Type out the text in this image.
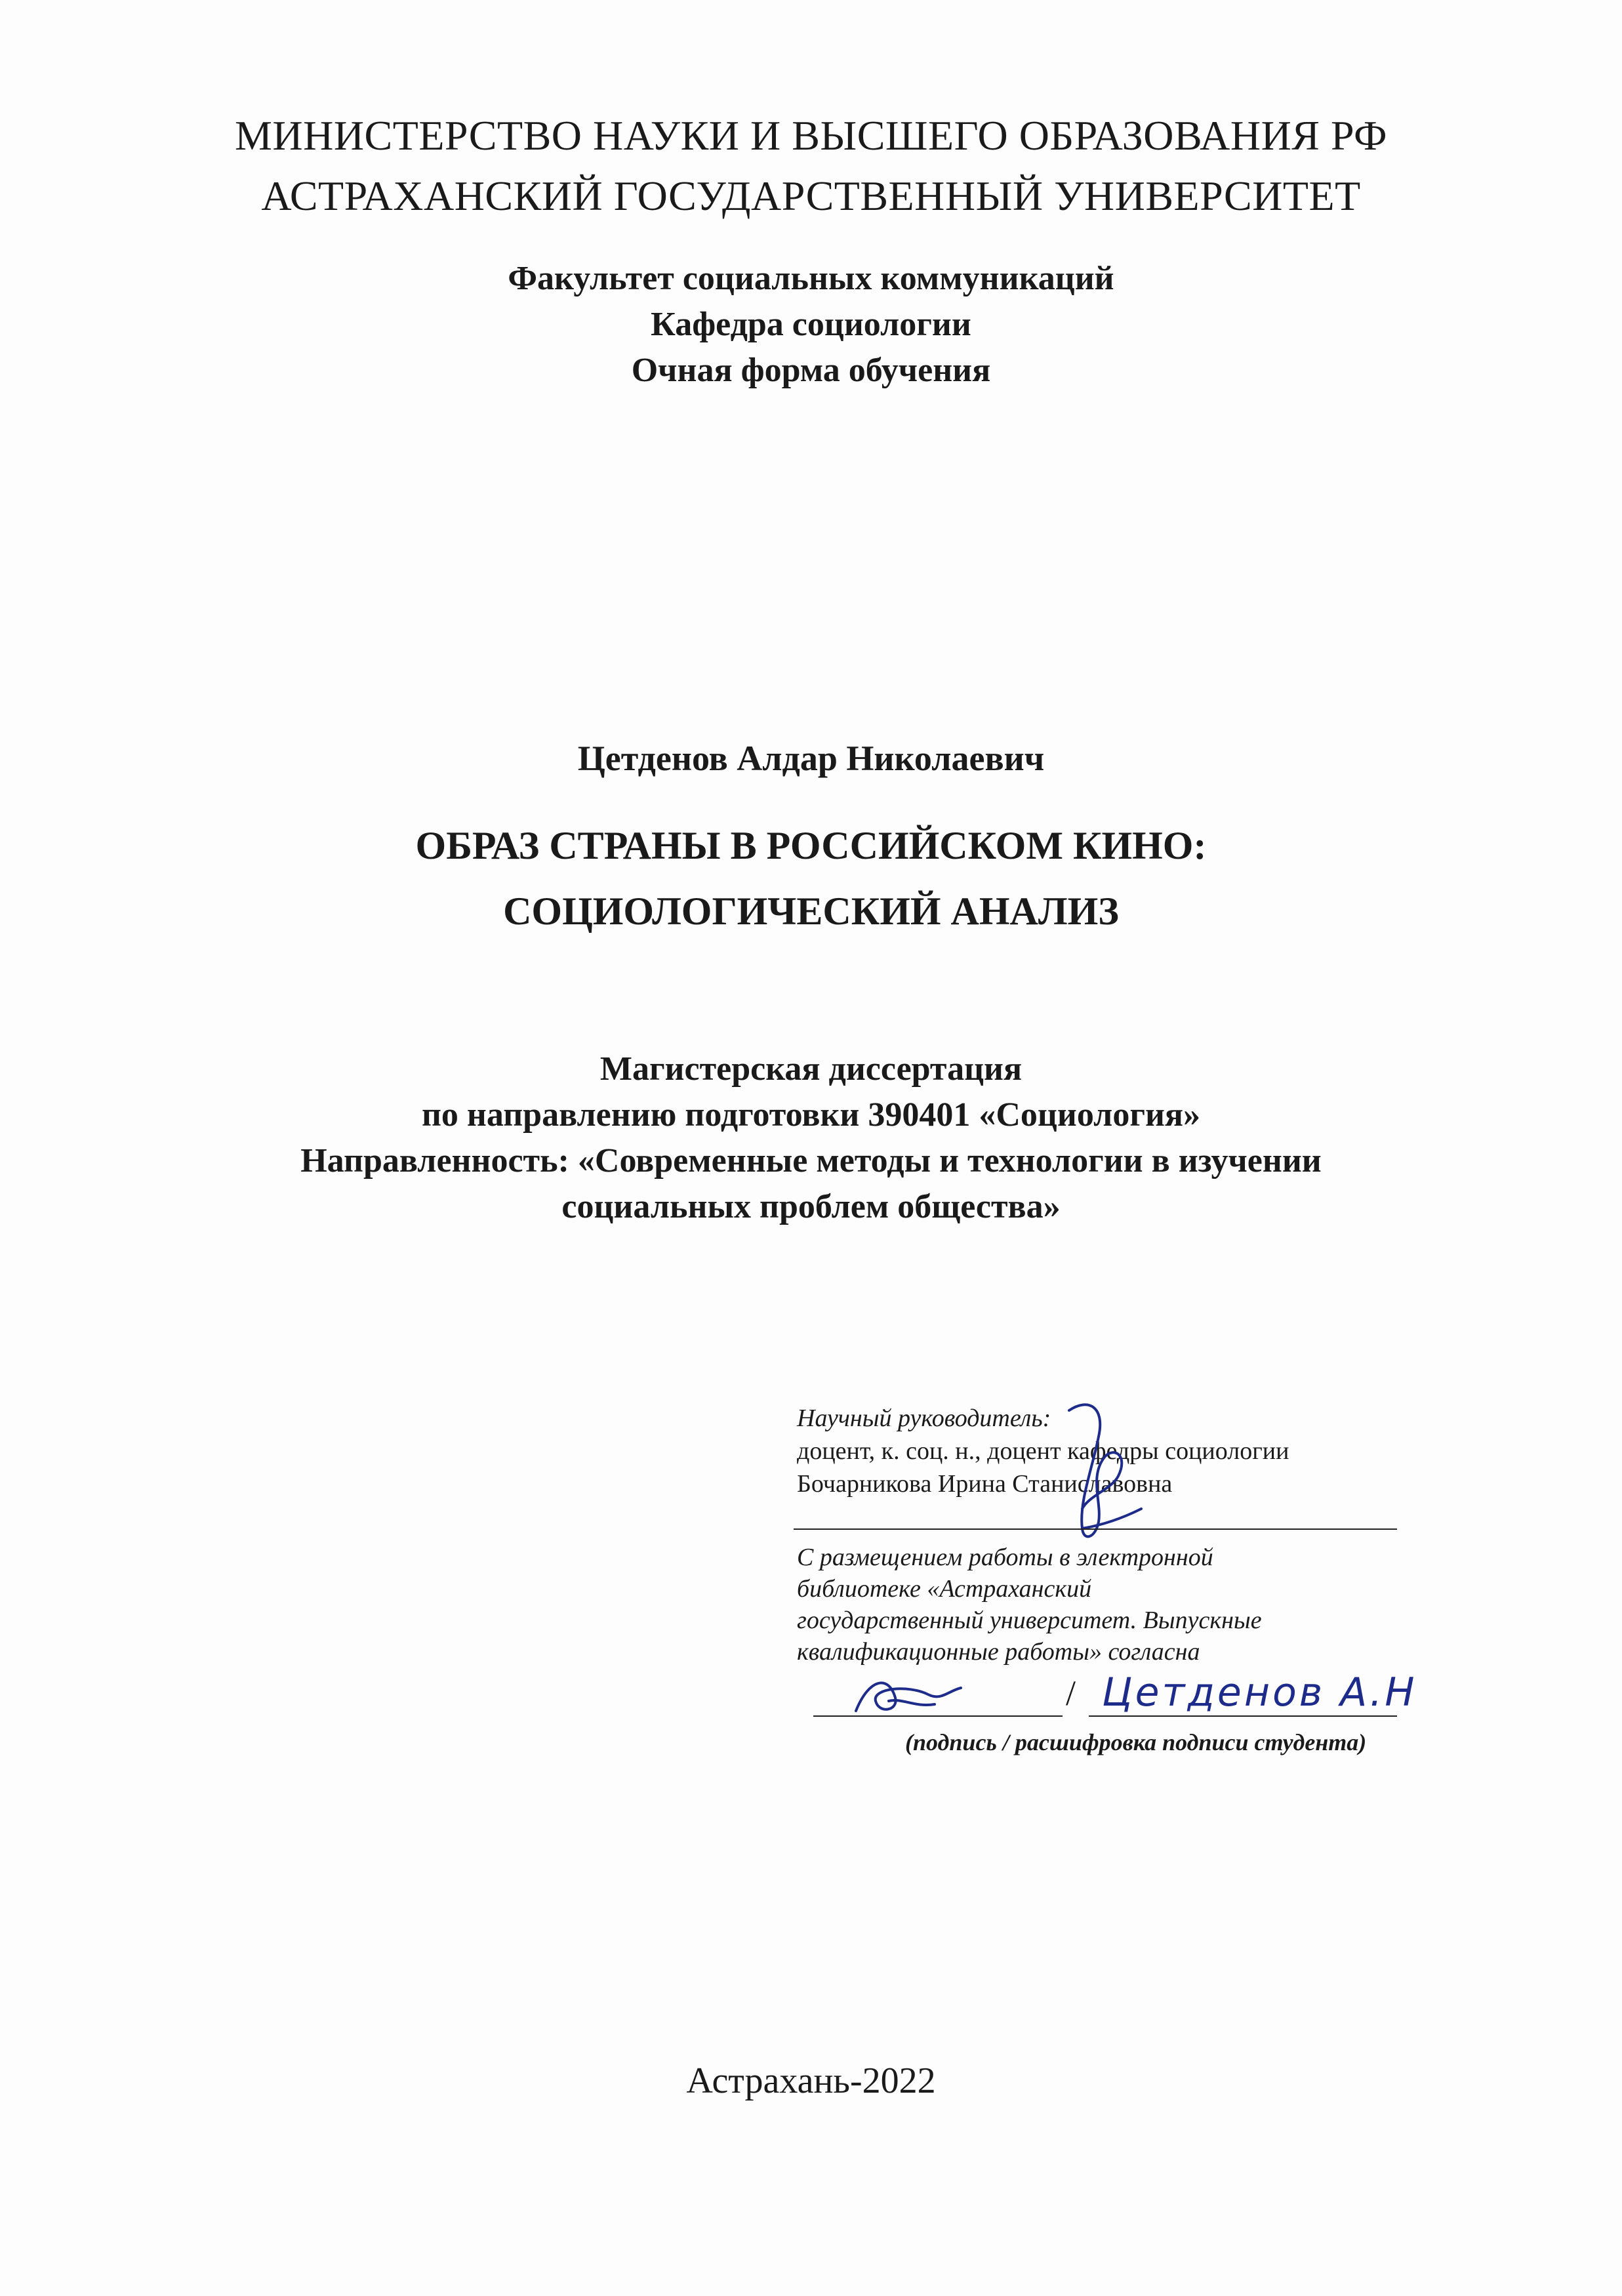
МИНИСТЕРСТВО НАУКИ И ВЫСШЕГО ОБРАЗОВАНИЯ РФ
АСТРАХАНСКИЙ ГОСУДАРСТВЕННЫЙ УНИВЕРСИТЕТ
Факультет социальных коммуникаций
Кафедра социологии
Очная форма обучения
Цетденов Алдар Николаевич
ОБРАЗ СТРАНЫ В РОССИЙСКОМ КИНО:
СОЦИОЛОГИЧЕСКИЙ АНАЛИЗ
Магистерская диссертация
по направлению подготовки 390401 «Социология»
Направленность: «Современные методы и технологии в изучении
социальных проблем общества»
Научный руководитель:
доцент, к. соц. н., доцент кафедры социологии
Бочарникова Ирина Станиславовна
С размещением работы в электронной
библиотеке «Астраханский
государственный университет. Выпускные
квалификационные работы» согласна
/ Цетденов А.Н
(подпись / расшифровка подписи студента)
Астрахань-2022
